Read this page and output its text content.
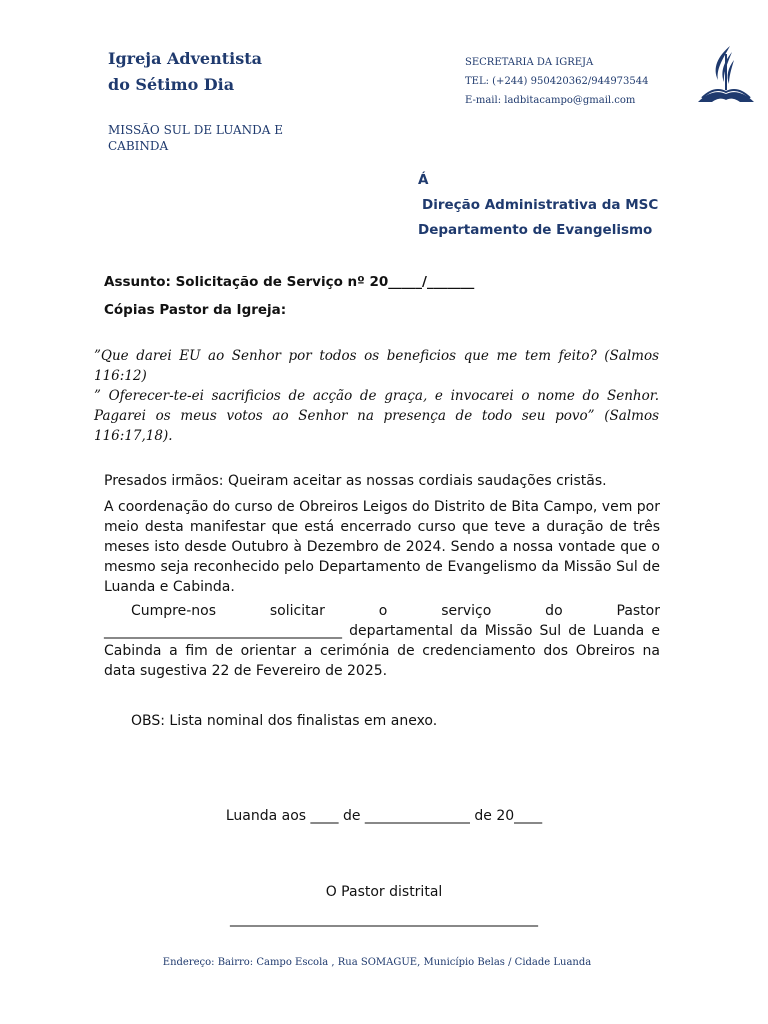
Igreja Adventista
do Sétimo Dia
MISSÃO SUL DE LUANDA E
CABINDA
SECRETARIA DA IGREJA
TEL: (+244) 950420362/944973544
E-mail: ladbitacampo@gmail.com
Á
Direção Administrativa da MSC
Departamento de Evangelismo
Assunto: Solicitação de Serviço nº 20_____/_______
Cópias Pastor da Igreja:
”Que darei EU ao Senhor por todos os beneficios que me tem feito? (Salmos 116:12)
” Oferecer-te-ei sacrificios de acção de graça, e invocarei o nome do Senhor. Pagarei os meus votos ao Senhor na presença de todo seu povo” (Salmos 116:17,18).
Presados irmãos: Queiram aceitar as nossas cordiais saudações cristãs.
A coordenação do curso de Obreiros Leigos do Distrito de Bita Campo, vem por meio desta manifestar que está encerrado curso que teve a duração de três meses isto desde Outubro à Dezembro de 2024. Sendo a nossa vontade que o mesmo seja reconhecido pelo Departamento de Evangelismo da Missão Sul de Luanda e Cabinda.
Cumpre-nos solicitar o serviço do Pastor
__________________________________ departamental da Missão Sul de Luanda e Cabinda a fim de orientar a cerimónia de credenciamento dos Obreiros na data sugestiva 22 de Fevereiro de 2025.
OBS: Lista nominal dos finalistas em anexo.
Luanda aos ____ de _______________ de 20____
O Pastor distrital
____________________________________________
Endereço: Bairro: Campo Escola , Rua SOMAGUE, Município Belas / Cidade Luanda
